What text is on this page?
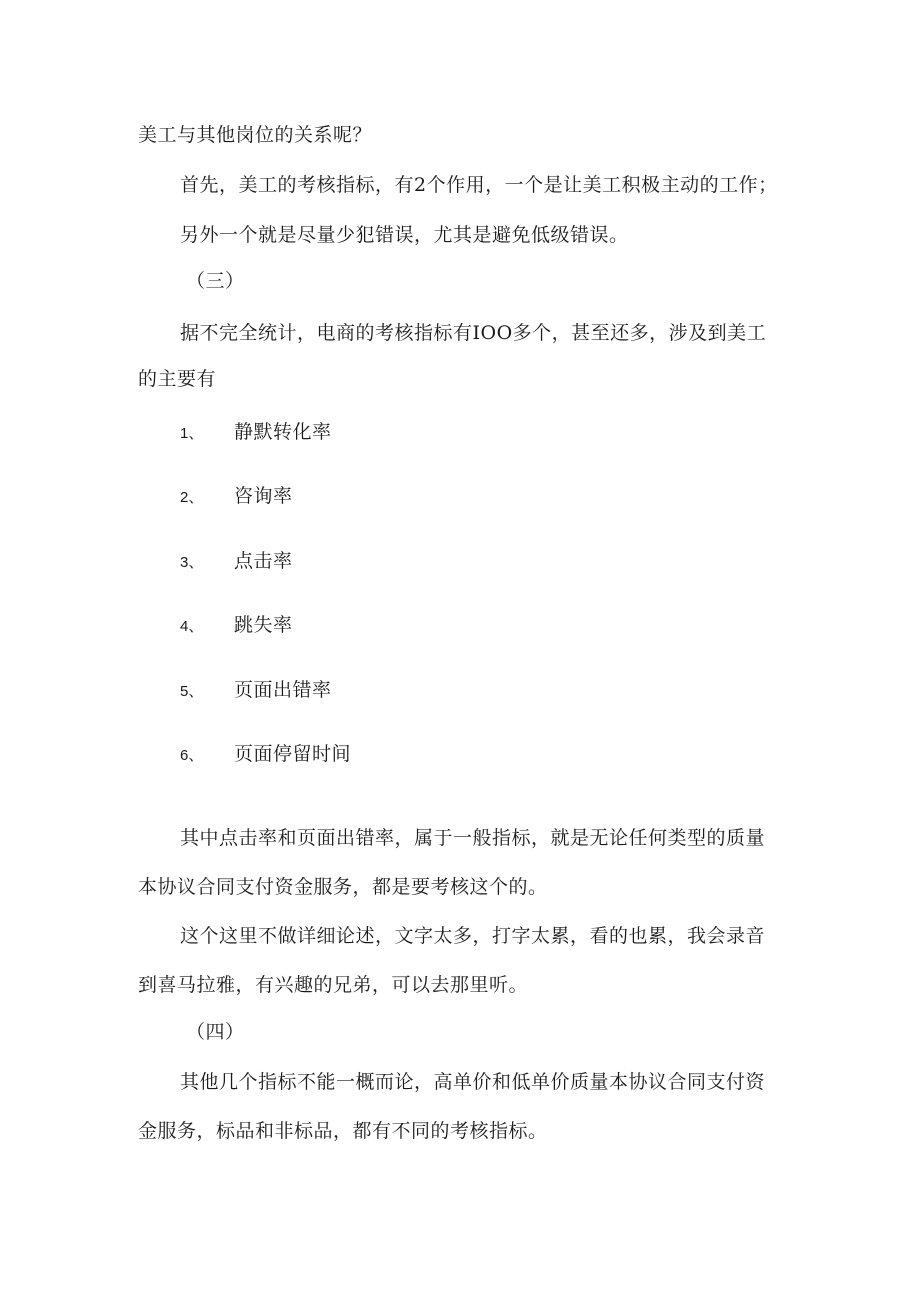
美工与其他岗位的关系呢？

首先，美工的考核指标，有2个作用，一个是让美工积极主动的工作；

另外一个就是尽量少犯错误，尤其是避免低级错误。

（三）

据不完全统计，电商的考核指标有IOO多个，甚至还多，涉及到美工

的主要有

1、 静默转化率
2、 咨询率
3、 点击率
4、 跳失率
5、 页面出错率
6、 页面停留时间

其中点击率和页面出错率，属于一般指标，就是无论任何类型的质量

本协议合同支付资金服务，都是要考核这个的。

这个这里不做详细论述，文字太多，打字太累，看的也累，我会录音

到喜马拉雅，有兴趣的兄弟，可以去那里听。

（四）

其他几个指标不能一概而论，高单价和低单价质量本协议合同支付资

金服务，标品和非标品，都有不同的考核指标。
